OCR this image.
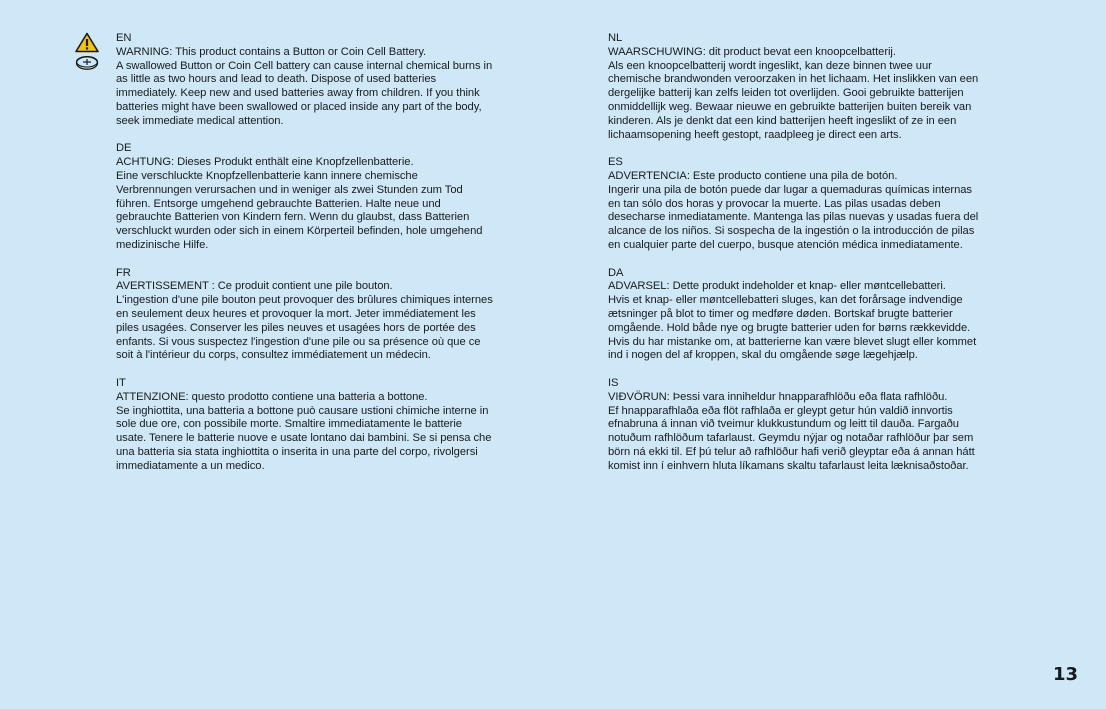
EN

WARNING: This product contains a Button or Coin Cell Battery.

A swallowed Button or Coin Cell battery can cause internal chemical burns in as little as two hours and lead to death. Dispose of used batteries immediately. Keep new and used batteries away from children. If you think batteries might have been swallowed or placed inside any part of the body, seek immediate medical attention.

DE

ACHTUNG: Dieses Produkt enthält eine Knopfzellenbatterie.

Eine verschluckte Knopfzellenbatterie kann innere chemische Verbrennungen verursachen und in weniger als zwei Stunden zum Tod führen. Entsorge umgehend gebrauchte Batterien. Halte neue und gebrauchte Batterien von Kindern fern. Wenn du glaubst, dass Batterien verschluckt wurden oder sich in einem Körperteil befinden, hole umgehend medizinische Hilfe.

FR

AVERTISSEMENT : Ce produit contient une pile bouton.

L'ingestion d'une pile bouton peut provoquer des brûlures chimiques internes en seulement deux heures et provoquer la mort. Jeter immédiatement les piles usagées. Conserver les piles neuves et usagées hors de portée des enfants. Si vous suspectez l'ingestion d'une pile ou sa présence où que ce soit à l'intérieur du corps, consultez immédiatement un médecin.

IT

ATTENZIONE: questo prodotto contiene una batteria a bottone.

Se inghiottita, una batteria a bottone può causare ustioni chimiche interne in sole due ore, con possibile morte. Smaltire immediatamente le batterie usate. Tenere le batterie nuove e usate lontano dai bambini. Se si pensa che una batteria sia stata inghiottita o inserita in una parte del corpo, rivolgersi immediatamente a un medico.

NL

WAARSCHUWING: dit product bevat een knoopcelbatterij.

Als een knoopcelbatterij wordt ingeslikt, kan deze binnen twee uur chemische brandwonden veroorzaken in het lichaam. Het inslikken van een dergelijke batterij kan zelfs leiden tot overlijden. Gooi gebruikte batterijen onmiddellijk weg. Bewaar nieuwe en gebruikte batterijen buiten bereik van kinderen. Als je denkt dat een kind batterijen heeft ingeslikt of ze in een lichaamsopening heeft gestopt, raadpleeg je direct een arts.

ES

ADVERTENCIA: Este producto contiene una pila de botón.

Ingerir una pila de botón puede dar lugar a quemaduras químicas internas en tan sólo dos horas y provocar la muerte. Las pilas usadas deben desecharse inmediatamente. Mantenga las pilas nuevas y usadas fuera del alcance de los niños. Si sospecha de la ingestión o la introducción de pilas en cualquier parte del cuerpo, busque atención médica inmediatamente.

DA

ADVARSEL: Dette produkt indeholder et knap- eller møntcellebatteri.

Hvis et knap- eller møntcellebatteri sluges, kan det forårsage indvendige ætsninger på blot to timer og medføre døden. Bortskaf brugte batterier omgående. Hold både nye og brugte batterier uden for børns rækkevidde. Hvis du har mistanke om, at batterierne kan være blevet slugt eller kommet ind i nogen del af kroppen, skal du omgående søge lægehjælp.

IS

VIÐVÖRUN: Þessi vara inniheldur hnapparafhlöðu eða flata rafhlöðu.

Ef hnapparafhlaða eða flöt rafhlaða er gleypt getur hún valdið innvortis efnabruna á innan við tveimur klukkustundum og leitt til dauða. Fargaðu notuðum rafhlöðum tafarlaust. Geymdu nýjar og notaðar rafhlöður þar sem börn ná ekki til. Ef þú telur að rafhlöður hafi verið gleyptar eða á annan hátt komist inn í einhvern hluta líkamans skaltu tafarlaust leita læknisaðstoðar.

13
